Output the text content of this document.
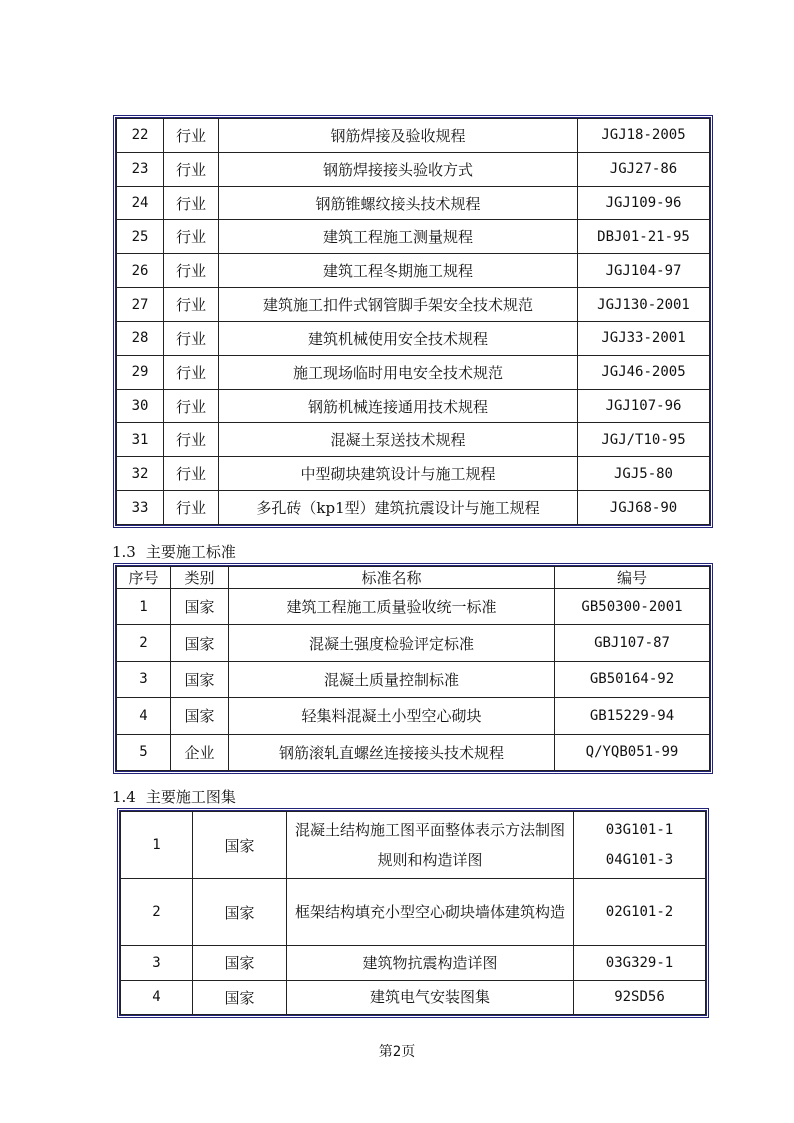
22	行业	钢筋焊接及验收规程	JGJ18-2005
23	行业	钢筋焊接接头验收方式	JGJ27-86
24	行业	钢筋锥螺纹接头技术规程	JGJ109-96
25	行业	建筑工程施工测量规程	DBJ01-21-95
26	行业	建筑工程冬期施工规程	JGJ104-97
27	行业	建筑施工扣件式钢管脚手架安全技术规范	JGJ130-2001
28	行业	建筑机械使用安全技术规程	JGJ33-2001
29	行业	施工现场临时用电安全技术规范	JGJ46-2005
30	行业	钢筋机械连接通用技术规程	JGJ107-96
31	行业	混凝土泵送技术规程	JGJ/T10-95
32	行业	中型砌块建筑设计与施工规程	JGJ5-80
33	行业	多孔砖（kp1型）建筑抗震设计与施工规程	JGJ68-90
1.3 主要施工标准
序号	类别	标准名称	编号
1	国家	建筑工程施工质量验收统一标准	GB50300-2001
2	国家	混凝土强度检验评定标准	GBJ107-87
3	国家	混凝土质量控制标准	GB50164-92
4	国家	轻集料混凝土小型空心砌块	GB15229-94
5	企业	钢筋滚轧直螺丝连接接头技术规程	Q/YQB051-99
1.4 主要施工图集
1	国家	混凝土结构施工图平面整体表示方法制图规则和构造详图	03G101-1
04G101-3

2	国家	框架结构填充小型空心砌块墙体建筑构造	02G101-2

3	国家	建筑物抗震构造详图	03G329-1

4	国家	建筑电气安装图集	92SD56
第2页
